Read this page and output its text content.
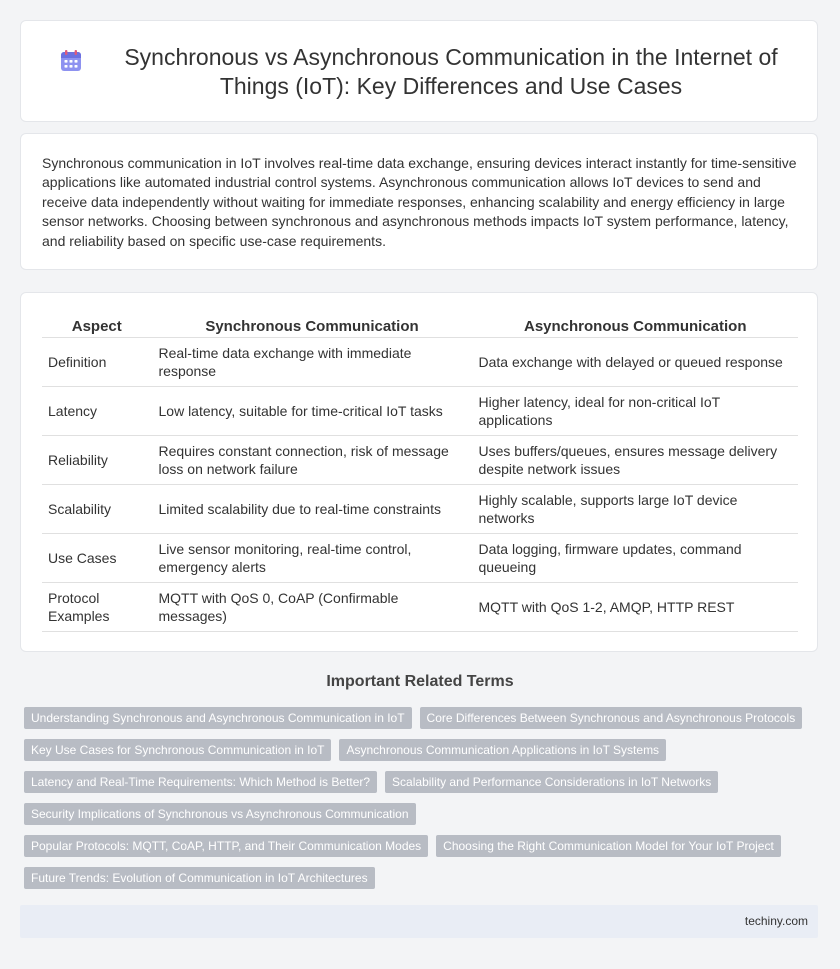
Synchronous vs Asynchronous Communication in the Internet of Things (IoT): Key Differences and Use Cases

Synchronous communication in IoT involves real-time data exchange, ensuring devices interact instantly for time-sensitive applications like automated industrial control systems. Asynchronous communication allows IoT devices to send and receive data independently without waiting for immediate responses, enhancing scalability and energy efficiency in large sensor networks. Choosing between synchronous and asynchronous methods impacts IoT system performance, latency, and reliability based on specific use-case requirements.

Aspect	Synchronous Communication	Asynchronous Communication
Definition	Real-time data exchange with immediate response	Data exchange with delayed or queued response
Latency	Low latency, suitable for time-critical IoT tasks	Higher latency, ideal for non-critical IoT applications
Reliability	Requires constant connection, risk of message loss on network failure	Uses buffers/queues, ensures message delivery despite network issues
Scalability	Limited scalability due to real-time constraints	Highly scalable, supports large IoT device networks
Use Cases	Live sensor monitoring, real-time control, emergency alerts	Data logging, firmware updates, command queueing
Protocol Examples	MQTT with QoS 0, CoAP (Confirmable messages)	MQTT with QoS 1-2, AMQP, HTTP REST
Important Related Terms
Understanding Synchronous and Asynchronous Communication in IoT	Core Differences Between Synchronous and Asynchronous Protocols
Key Use Cases for Synchronous Communication in IoT	Asynchronous Communication Applications in IoT Systems
Latency and Real-Time Requirements: Which Method is Better?	Scalability and Performance Considerations in IoT Networks
Security Implications of Synchronous vs Asynchronous Communication
Popular Protocols: MQTT, CoAP, HTTP, and Their Communication Modes	Choosing the Right Communication Model for Your IoT Project
Future Trends: Evolution of Communication in IoT Architectures
techiny.com
